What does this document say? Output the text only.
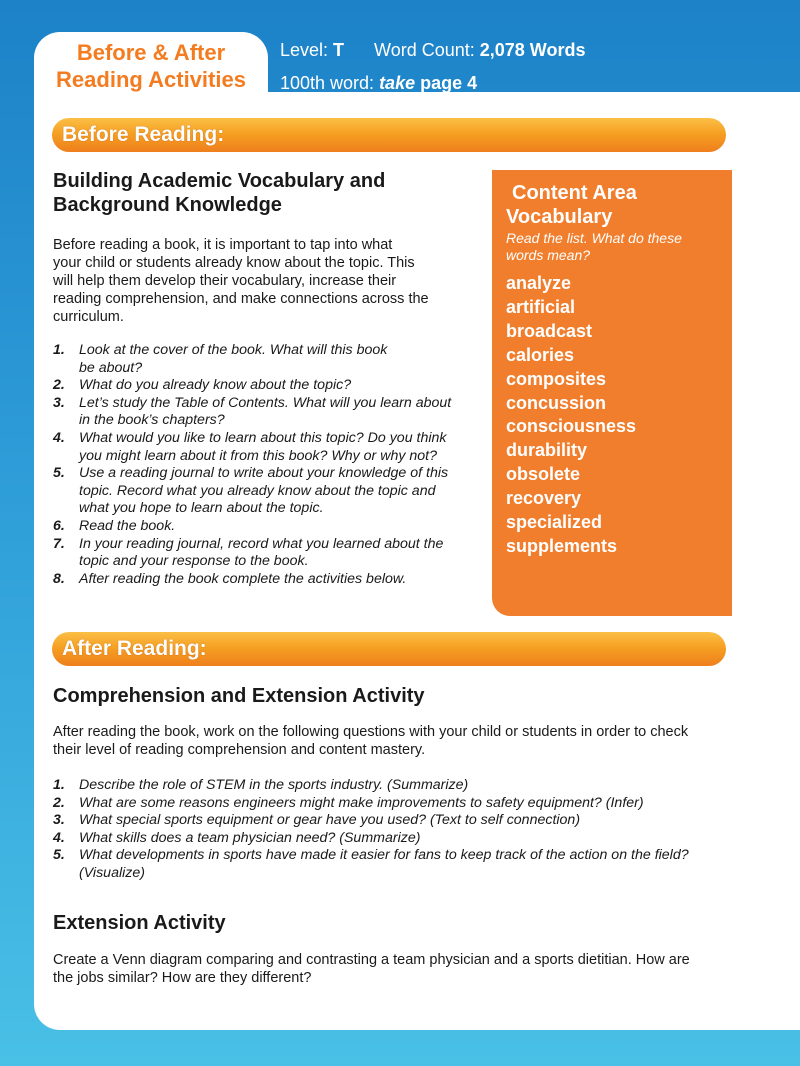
Before & After
Reading Activities
Level: T Word Count: 2,078 Words
100th word: take page 4
Before Reading:
Building Academic Vocabulary and
Background Knowledge
Before reading a book, it is important to tap into what
your child or students already know about the topic. This
will help them develop their vocabulary, increase their
reading comprehension, and make connections across the
curriculum.
1. Look at the cover of the book. What will this book
be about?
2. What do you already know about the topic?
3. Let’s study the Table of Contents. What will you learn about
in the book’s chapters?
4. What would you like to learn about this topic? Do you think
you might learn about it from this book? Why or why not?
5. Use a reading journal to write about your knowledge of this
topic. Record what you already know about the topic and
what you hope to learn about the topic.
6. Read the book.
7. In your reading journal, record what you learned about the
topic and your response to the book.
8. After reading the book complete the activities below.
Content Area
Vocabulary
Read the list. What do these
words mean?
analyze
artificial
broadcast
calories
composites
concussion
consciousness
durability
obsolete
recovery
specialized
supplements
After Reading:
Comprehension and Extension Activity
After reading the book, work on the following questions with your child or students in order to check
their level of reading comprehension and content mastery.
1. Describe the role of STEM in the sports industry. (Summarize)
2. What are some reasons engineers might make improvements to safety equipment? (Infer)
3. What special sports equipment or gear have you used? (Text to self connection)
4. What skills does a team physician need? (Summarize)
5. What developments in sports have made it easier for fans to keep track of the action on the field?
(Visualize)
Extension Activity
Create a Venn diagram comparing and contrasting a team physician and a sports dietitian. How are
the jobs similar? How are they different?
